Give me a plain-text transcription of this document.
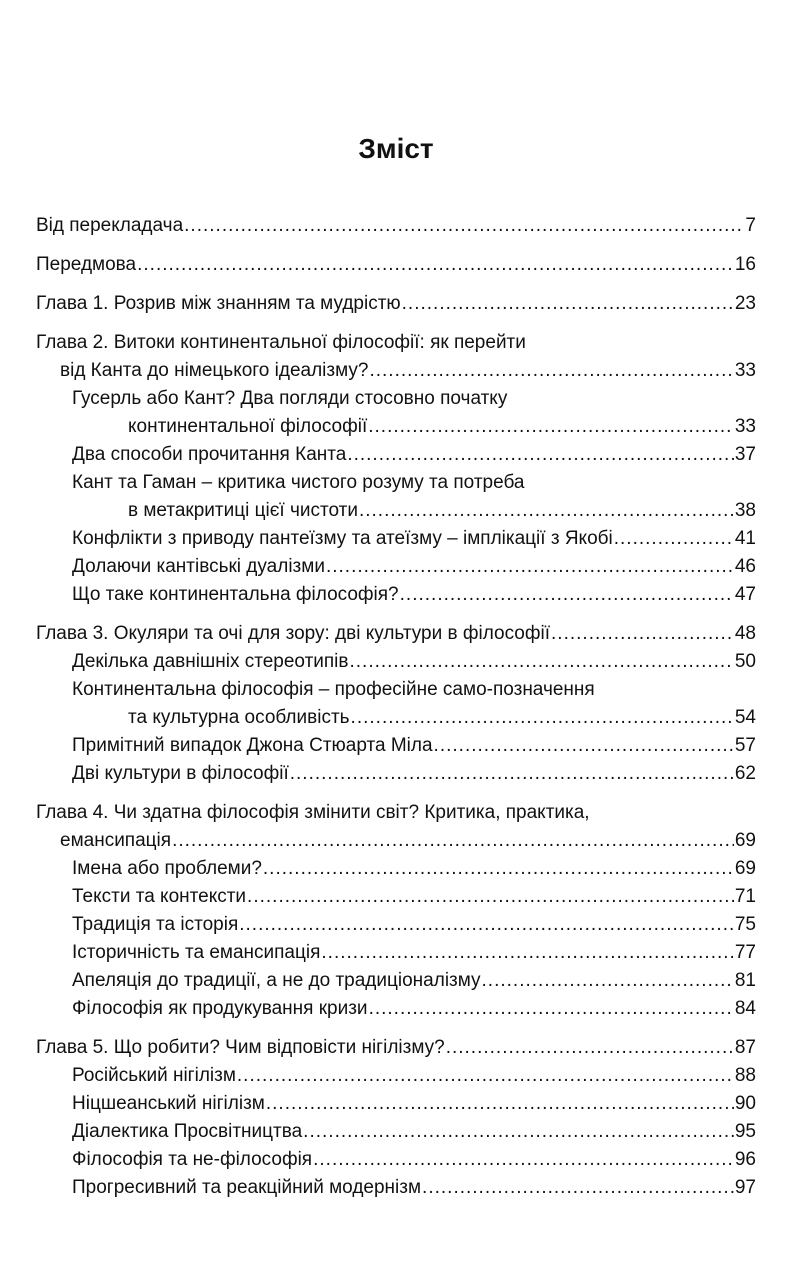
Зміст
Від перекладача .....	7
Передмова .....	16
Глава 1. Розрив між знанням та мудрістю .....	23
Глава 2. Витоки континентальної філософії: як перейти
від Канта до німецького ідеалізму? .....	33
Гусерль або Кант? Два погляди стосовно початку
континентальної філософії .....	33
Два способи прочитання Канта .....	37
Кант та Гаман – критика чистого розуму та потреба
в метакритиці цієї чистоти .....	38
Конфлікти з приводу пантеїзму та атеїзму – імплікації з Якобі .....	41
Долаючи кантівські дуалізми .....	46
Що таке континентальна філософія? .....	47
Глава 3. Окуляри та очі для зору: дві культури в філософії .....	48
Декілька давнішніх стереотипів .....	50
Континентальна філософія – професійне само-позначення
та культурна особливість .....	54
Примітний випадок Джона Стюарта Міла .....	57
Дві культури в філософії .....	62
Глава 4. Чи здатна філософія змінити світ? Критика, практика,
емансипація .....	69
Імена або проблеми? .....	69
Тексти та контексти .....	71
Традиція та історія .....	75
Історичність та емансипація .....	77
Апеляція до традиції, а не до традиціоналізму .....	81
Філософія як продукування кризи .....	84
Глава 5. Що робити? Чим відповісти нігілізму? .....	87
Російський нігілізм .....	88
Ніцшеанський нігілізм .....	90
Діалектика Просвітництва .....	95
Філософія та не-філософія .....	96
Прогресивний та реакційний модернізм .....	97
